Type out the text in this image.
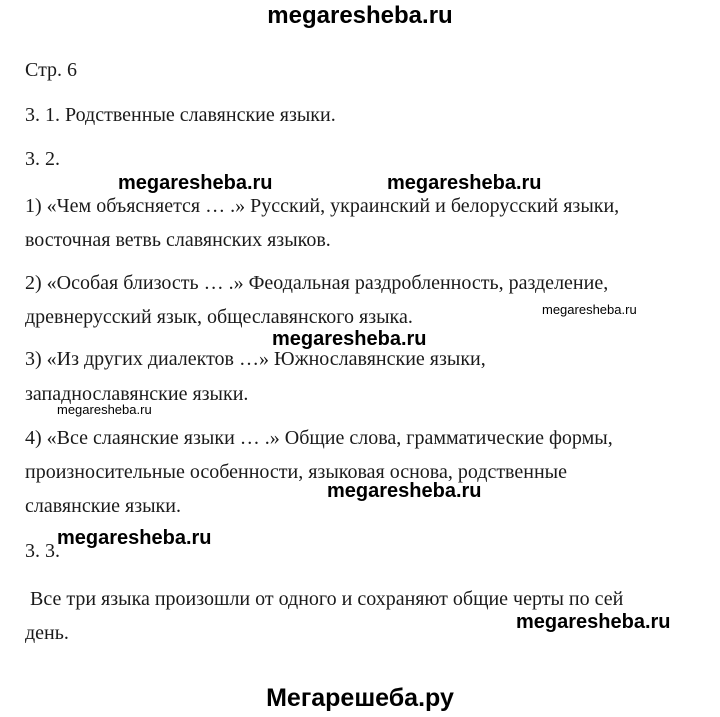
megaresheba.ru
Стр. 6
3. 1. Родственные славянские языки.
3. 2.
megaresheba.ru	megaresheba.ru
1) «Чем объясняется … .» Русский, украинский и белорусский языки,
восточная ветвь славянских языков.
2) «Особая близость … .» Феодальная раздробленность, разделение,
древнерусский язык, общеславянского языка.	megaresheba.ru
megaresheba.ru
3) «Из других диалектов …» Южнославянские языки,
западнославянские языки.
megaresheba.ru
4) «Все слаянские языки … .» Общие слова, грамматические формы,
произносительные особенности, языковая основа, родственные
славянские языки.
megaresheba.ru
3. 3.
megaresheba.ru
Все три языка произошли от одного и сохраняют общие черты по сей
день.	megaresheba.ru
Мегарешеба.ру
